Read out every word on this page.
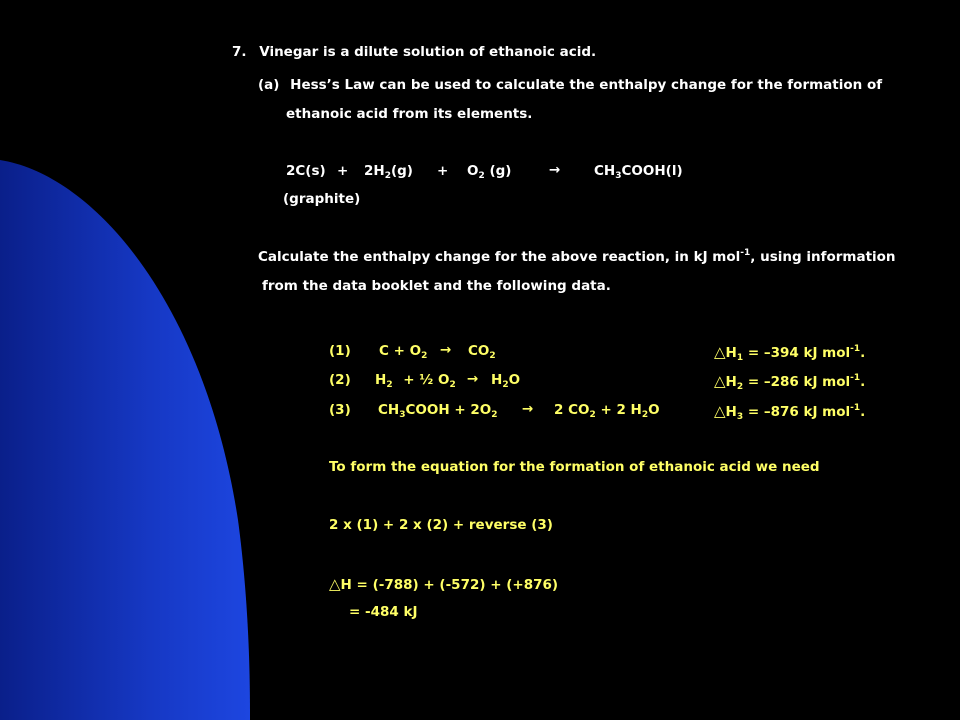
7. Vinegar is a dilute solution of ethanoic acid.
(a) Hess’s Law can be used to calculate the enthalpy change for the formation of
ethanoic acid from its elements.
$2C(s) + 2H_2(g) + O_2$ (g)	→ $CH_3COOH(l)$
(graphite)
Calculate the enthalpy change for the above reaction, in kJ mol$^{-1}$, using information
from the data booklet and the following data.
(1) $C + O_2 \to CO_2$	$\triangle H_1 = -394$ kJ mol$^{-1}$.
(2) $H_2$ + ½ $O_2 \to H_2O$	$\triangle H_2 = -286$ kJ mol$^{-1}$.
(3) $CH_3COOH + 2O_2 \to 2$ $CO_2 + 2$ $H_2O$	$\triangle H_3 = -876$ kJ mol$^{-1}$.
To form the equation for the formation of ethanoic acid we need
2 x (1) + 2 x (2) + reverse (3)
△H = (-788) + (-572) + (+876)
= -484 kJ
